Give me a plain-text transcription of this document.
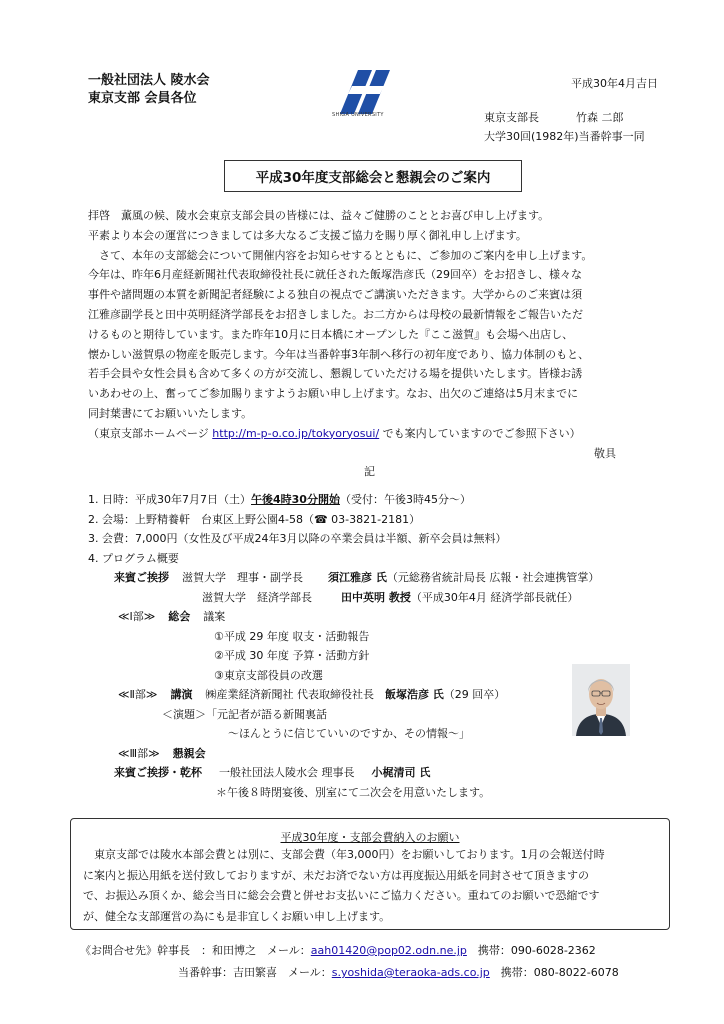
一般社団法人 陵水会
東京支部 会員各位
SHIGA UNIVERSITY
平成30年4月吉日
東京支部長	竹森 二郎
大学30回(1982年)当番幹事一同
平成30年度支部総会と懇親会のご案内
拝啓　薫風の候、陵水会東京支部会員の皆様には、益々ご健勝のこととお喜び申し上げます。
平素より本会の運営につきましては多大なるご支援ご協力を賜り厚く御礼申し上げます。
　さて、本年の支部総会について開催内容をお知らせするとともに、ご参加のご案内を申し上げます。
今年は、昨年6月産経新聞社代表取締役社長に就任された飯塚浩彦氏（29回卒）をお招きし、様々な
事件や諸問題の本質を新聞記者経験による独自の視点でご講演いただきます。大学からのご来賓は須
江雅彦副学長と田中英明経済学部長をお招きしました。お二方からは母校の最新情報をご報告いただ
けるものと期待しています。また昨年10月に日本橋にオープンした『ここ滋賀』も会場へ出店し、
懐かしい滋賀県の物産を販売します。今年は当番幹事3年制へ移行の初年度であり、協力体制のもと、
若手会員や女性会員も含めて多くの方が交流し、懇親していただける場を提供いたします。皆様お誘
いあわせの上、奮ってご参加賜りますようお願い申し上げます。なお、出欠のご連絡は5月末までに
同封葉書にてお願いいたします。
（東京支部ホームページ http://m-p-o.co.jp/tokyoryosui/ でも案内していますのでご参照下さい）
敬具
記
1. 日時：平成30年7月7日（土）午後4時30分開始（受付：午後3時45分～）
2. 会場：上野精養軒　台東区上野公園4-58（☎ 03-3821-2181）
3. 会費：7,000円（女性及び平成24年3月以降の卒業会員は半額、新卒会員は無料）
4. プログラム概要
来賓ご挨拶 滋賀大学　理事・副学長 須江雅彦 氏（元総務省統計局長 広報・社会連携管掌）
滋賀大学　経済学部長	田中英明 教授（平成30年4月 経済学部長就任）
≪Ⅰ部≫ 総会 議案
①平成 29 年度 収支・活動報告
②平成 30 年度 予算・活動方針
③東京支部役員の改選
≪Ⅱ部≫ 講演 ㈱産業経済新聞社 代表取締役社長 飯塚浩彦 氏（29 回卒）
＜演題＞「元記者が語る新聞裏話
～ほんとうに信じていいのですか、その情報～」
≪Ⅲ部≫ 懇親会
来賓ご挨拶・乾杯 一般社団法人陵水会 理事長 小梶清司 氏
＊午後８時閉宴後、別室にて二次会を用意いたします。
平成30年度・支部会費納入のお願い
　東京支部では陵水本部会費とは別に、支部会費（年3,000円）をお願いしております。1月の会報送付時
に案内と振込用紙を送付致しておりますが、未だお済でない方は再度振込用紙を同封させて頂きますの
で、お振込み頂くか、総会当日に総会会費と併せお支払いにご協力ください。重ねてのお願いで恐縮です
が、健全な支部運営の為にも是非宜しくお願い申し上げます。
《お問合せ先》幹事長　：和田博之　メール：aah01420@pop02.odn.ne.jp　携帯：090-6028-2362
当番幹事：吉田繁喜　メール：s.yoshida@teraoka-ads.co.jp　携帯：080-8022-6078
